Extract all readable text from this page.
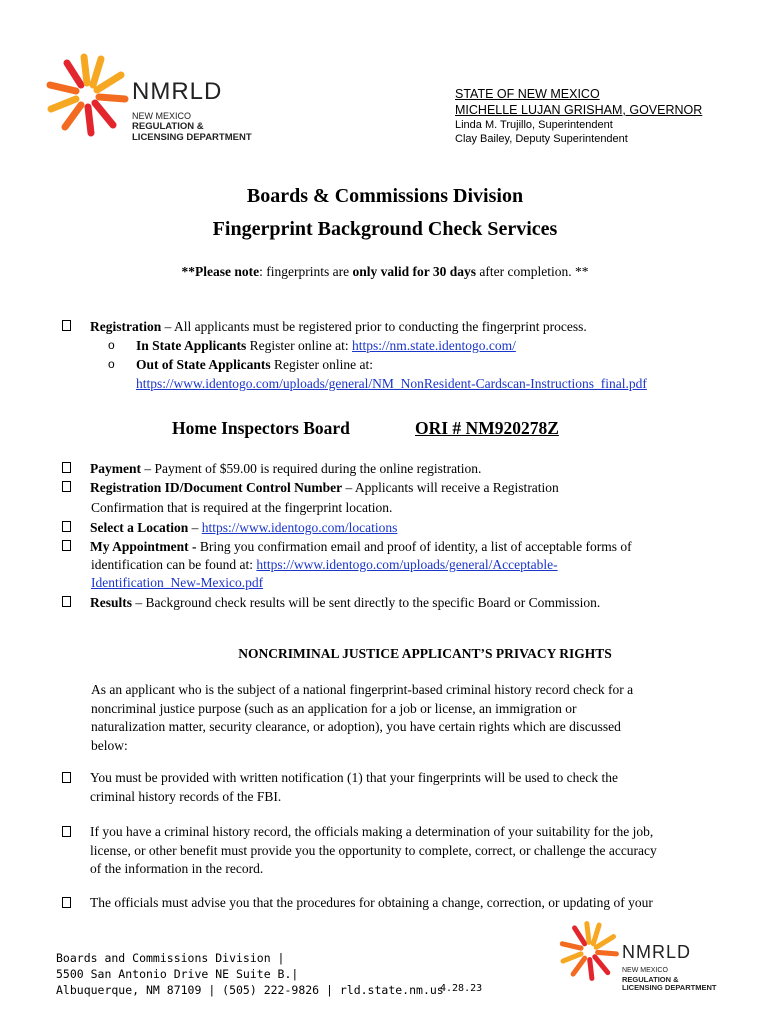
NMRLD
NEW MEXICO
REGULATION &
LICENSING DEPARTMENT
STATE OF NEW MEXICO
MICHELLE LUJAN GRISHAM, GOVERNOR
Linda M. Trujillo, Superintendent
Clay Bailey, Deputy Superintendent
Boards & Commissions Division
Fingerprint Background Check Services
**Please note: fingerprints are only valid for 30 days after completion. **
Registration – All applicants must be registered prior to conducting the fingerprint process.
o In State Applicants Register online at: https://nm.state.identogo.com/
o Out of State Applicants Register online at:
https://www.identogo.com/uploads/general/NM_NonResident-Cardscan-Instructions_final.pdf
Home Inspectors Board	ORI # NM920278Z
Payment – Payment of $59.00 is required during the online registration.
Registration ID/Document Control Number – Applicants will receive a Registration
Confirmation that is required at the fingerprint location.
Select a Location – https://www.identogo.com/locations
My Appointment - Bring you confirmation email and proof of identity, a list of acceptable forms of
identification can be found at: https://www.identogo.com/uploads/general/Acceptable-
Identification_New-Mexico.pdf
Results – Background check results will be sent directly to the specific Board or Commission.
NONCRIMINAL JUSTICE APPLICANT’S PRIVACY RIGHTS
As an applicant who is the subject of a national fingerprint-based criminal history record check for a
noncriminal justice purpose (such as an application for a job or license, an immigration or
naturalization matter, security clearance, or adoption), you have certain rights which are discussed
below:
You must be provided with written notification (1) that your fingerprints will be used to check the
criminal history records of the FBI.
If you have a criminal history record, the officials making a determination of your suitability for the job,
license, or other benefit must provide you the opportunity to complete, correct, or challenge the accuracy
of the information in the record.
The officials must advise you that the procedures for obtaining a change, correction, or updating of your
Boards and Commissions Division |
5500 San Antonio Drive NE Suite B.|
Albuquerque, NM 87109 | (505) 222-9826 | rld.state.nm.us
4.28.23
NMRLD
NEW MEXICO
REGULATION &
LICENSING DEPARTMENT
